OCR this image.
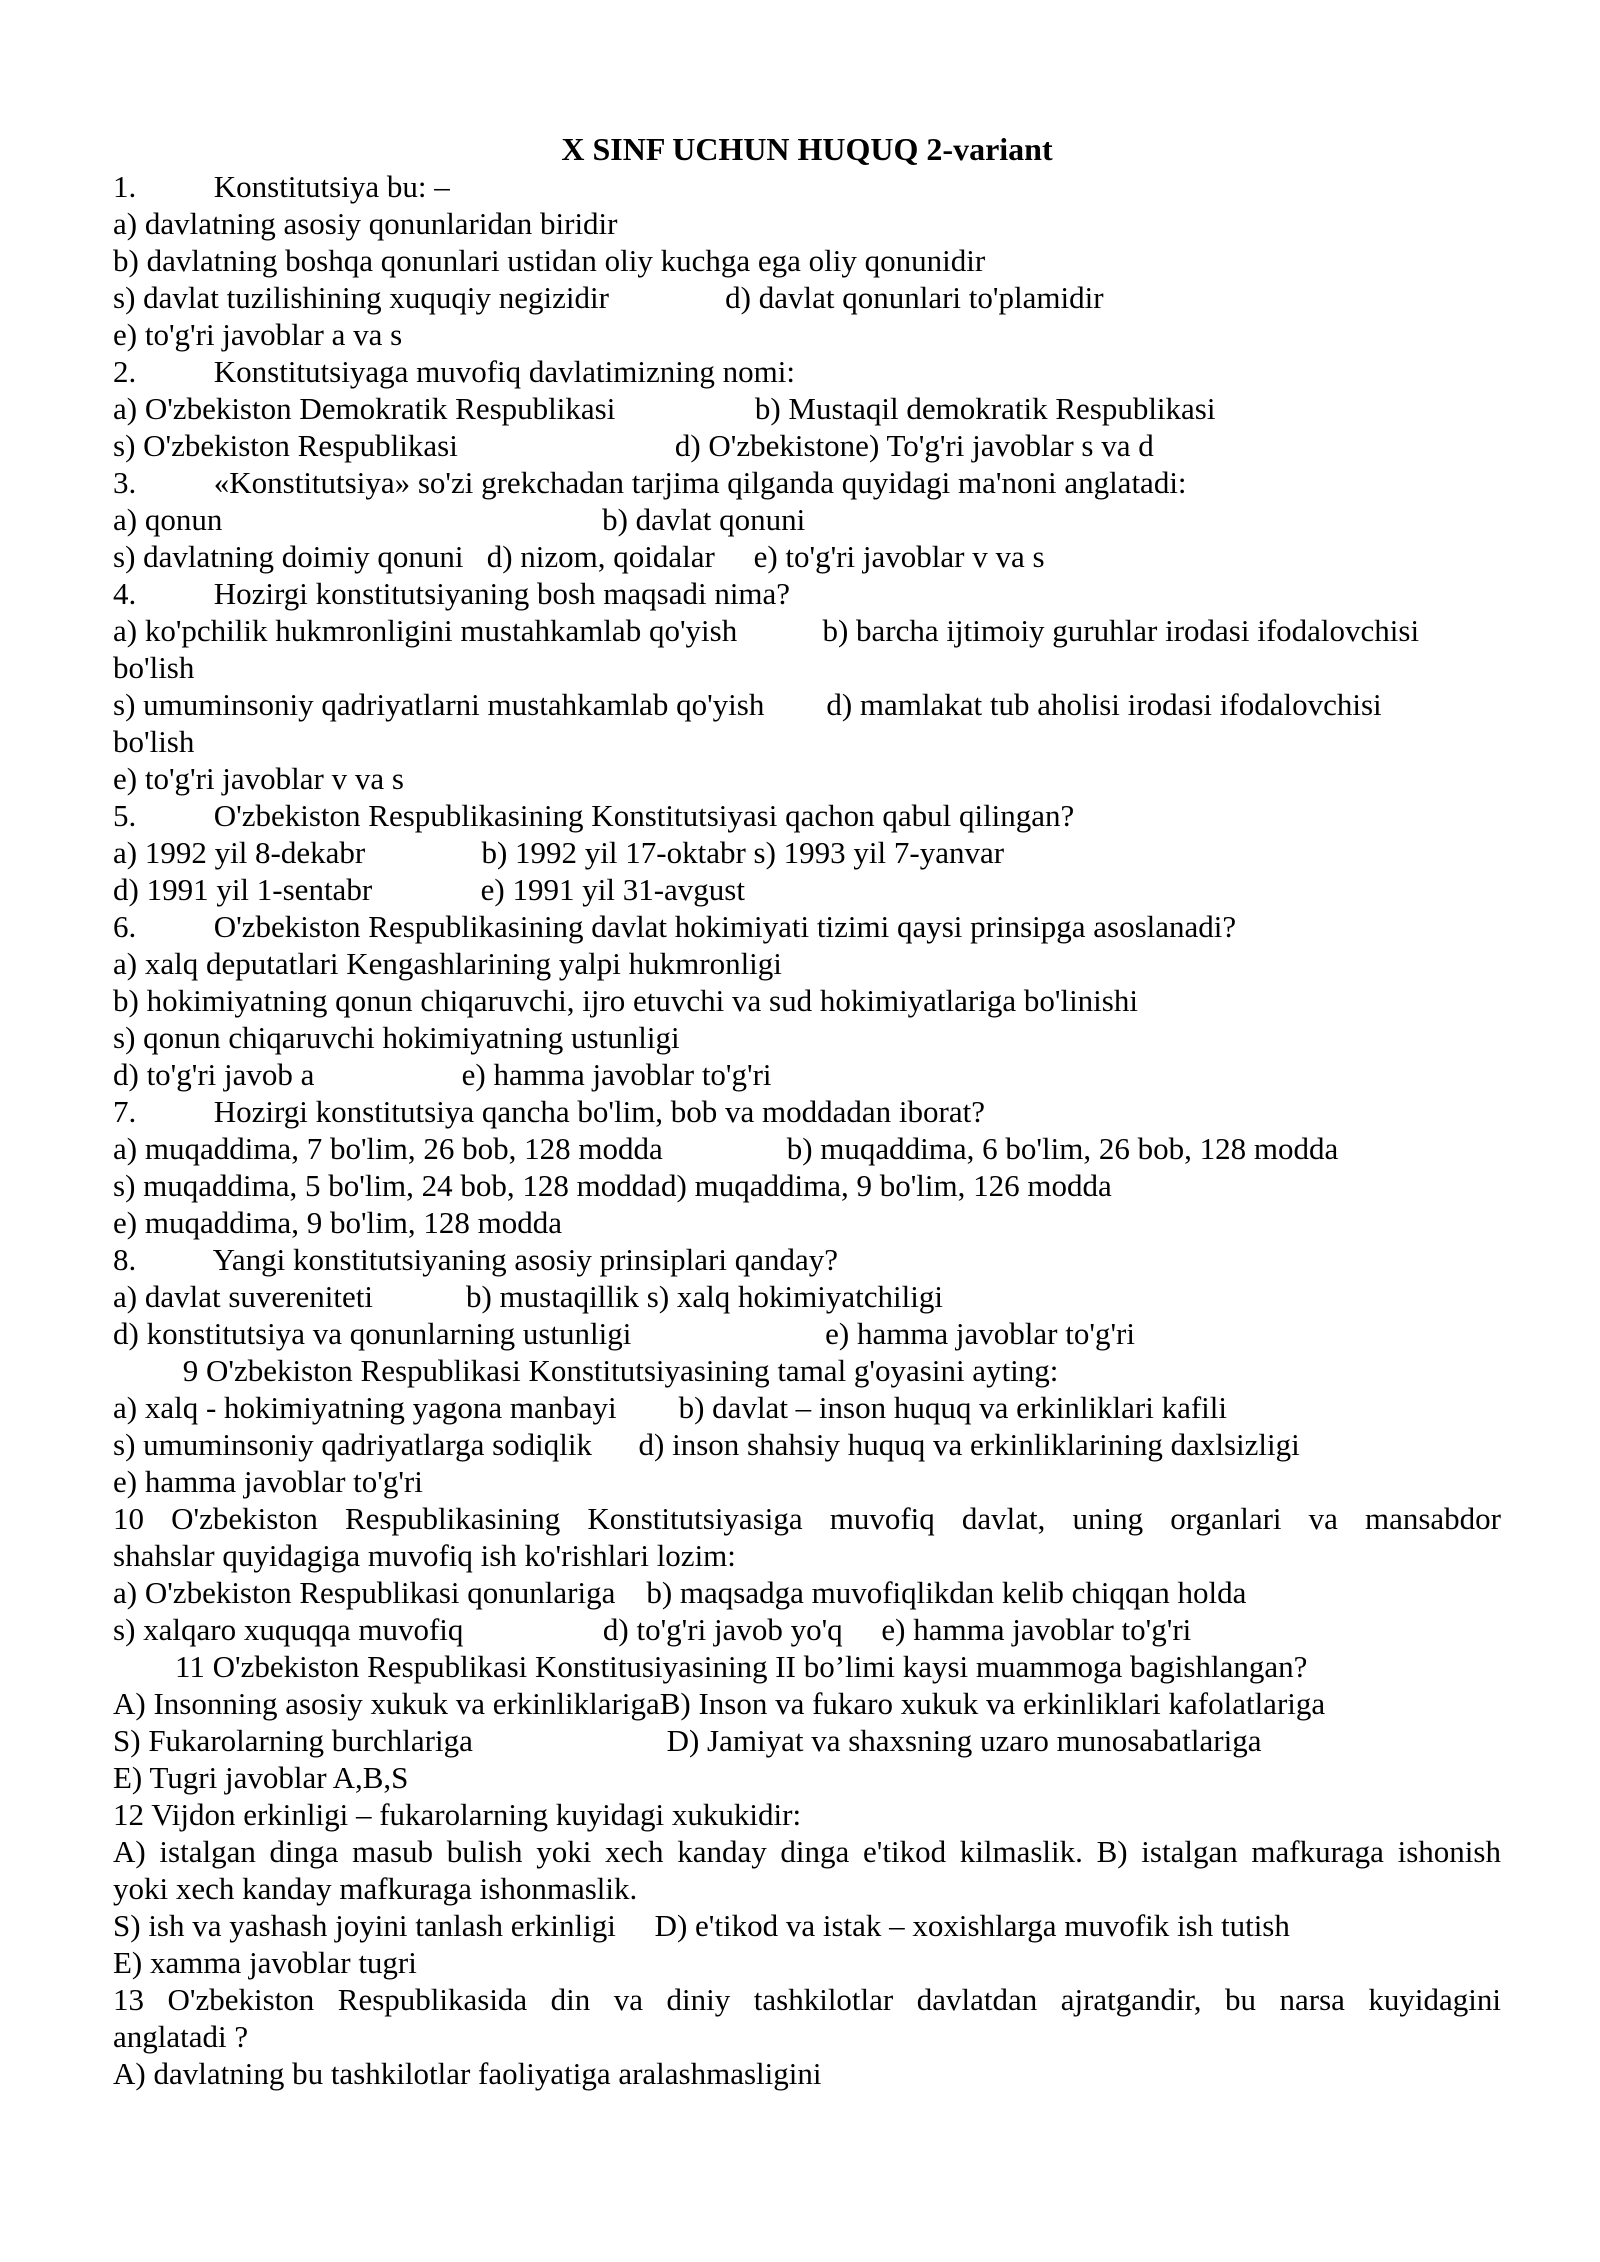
X SINF UCHUN HUQUQ 2-variant
1.          Konstitutsiya bu: –
a) davlatning asosiy qonunlaridan biridir
b) davlatning boshqa qonunlari ustidan oliy kuchga ega oliy qonunidir
s) davlat tuzilishining xuquqiy negizidir               d) davlat qonunlari to'plamidir
e) to'g'ri javoblar a va s
2.          Konstitutsiyaga muvofiq davlatimizning nomi:
a) O'zbekiston Demokratik Respublikasi                  b) Mustaqil demokratik Respublikasi
s) O'zbekiston Respublikasi                            d) O'zbekistone) To'g'ri javoblar s va d
3.          «Konstitutsiya» so'zi grekchadan tarjima qilganda quyidagi ma'noni anglatadi:
a) qonun                                                 b) davlat qonuni
s) davlatning doimiy qonuni   d) nizom, qoidalar     e) to'g'ri javoblar v va s
4.          Hozirgi konstitutsiyaning bosh maqsadi nima?
a) ko'pchilik hukmronligini mustahkamlab qo'yish           b) barcha ijtimoiy guruhlar irodasi ifodalovchisi
bo'lish
s) umuminsoniy qadriyatlarni mustahkamlab qo'yish        d) mamlakat tub aholisi irodasi ifodalovchisi
bo'lish
e) to'g'ri javoblar v va s
5.          O'zbekiston Respublikasining Konstitutsiyasi qachon qabul qilingan?
a) 1992 yil 8-dekabr               b) 1992 yil 17-oktabr s) 1993 yil 7-yanvar
d) 1991 yil 1-sentabr              e) 1991 yil 31-avgust
6.          O'zbekiston Respublikasining davlat hokimiyati tizimi qaysi prinsipga asoslanadi?
a) xalq deputatlari Kengashlarining yalpi hukmronligi
b) hokimiyatning qonun chiqaruvchi, ijro etuvchi va sud hokimiyatlariga bo'linishi
s) qonun chiqaruvchi hokimiyatning ustunligi
d) to'g'ri javob a                   e) hamma javoblar to'g'ri
7.          Hozirgi konstitutsiya qancha bo'lim, bob va moddadan iborat?
a) muqaddima, 7 bo'lim, 26 bob, 128 modda                b) muqaddima, 6 bo'lim, 26 bob, 128 modda
s) muqaddima, 5 bo'lim, 24 bob, 128 moddad) muqaddima, 9 bo'lim, 126 modda
e) muqaddima, 9 bo'lim, 128 modda
8.          Yangi konstitutsiyaning asosiy prinsiplari qanday?
a) davlat suvereniteti            b) mustaqillik s) xalq hokimiyatchiligi
d) konstitutsiya va qonunlarning ustunligi                         e) hamma javoblar to'g'ri
9 O'zbekiston Respublikasi Konstitutsiyasining tamal g'oyasini ayting:
a) xalq - hokimiyatning yagona manbayi        b) davlat – inson huquq va erkinliklari kafili
s) umuminsoniy qadriyatlarga sodiqlik      d) inson shahsiy huquq va erkinliklarining daxlsizligi
e) hamma javoblar to'g'ri
10 O'zbekiston Respublikasining Konstitutsiyasiga muvofiq davlat, uning organlari va mansabdor
shahslar quyidagiga muvofiq ish ko'rishlari lozim:
a) O'zbekiston Respublikasi qonunlariga    b) maqsadga muvofiqlikdan kelib chiqqan holda
s) xalqaro xuquqqa muvofiq                  d) to'g'ri javob yo'q     e) hamma javoblar to'g'ri
11 O'zbekiston Respublikasi Konstitusiyasining II bo’limi kaysi muammoga bagishlangan?
A) Insonning asosiy xukuk va erkinliklarigaB) Inson va fukaro xukuk va erkinliklari kafolatlariga
S) Fukarolarning burchlariga                         D) Jamiyat va shaxsning uzaro munosabatlariga
E) Tugri javoblar A,B,S
12 Vijdon erkinligi – fukarolarning kuyidagi xukukidir:
A) istalgan dinga masub bulish yoki xech kanday dinga e'tikod kilmaslik. B) istalgan mafkuraga ishonish
yoki xech kanday mafkuraga ishonmaslik.
S) ish va yashash joyini tanlash erkinligi     D) e'tikod va istak – xoxishlarga muvofik ish tutish
E) xamma javoblar tugri
13 O'zbekiston Respublikasida din va diniy tashkilotlar davlatdan ajratgandir, bu narsa kuyidagini
anglatadi ?
A) davlatning bu tashkilotlar faoliyatiga aralashmasligini
